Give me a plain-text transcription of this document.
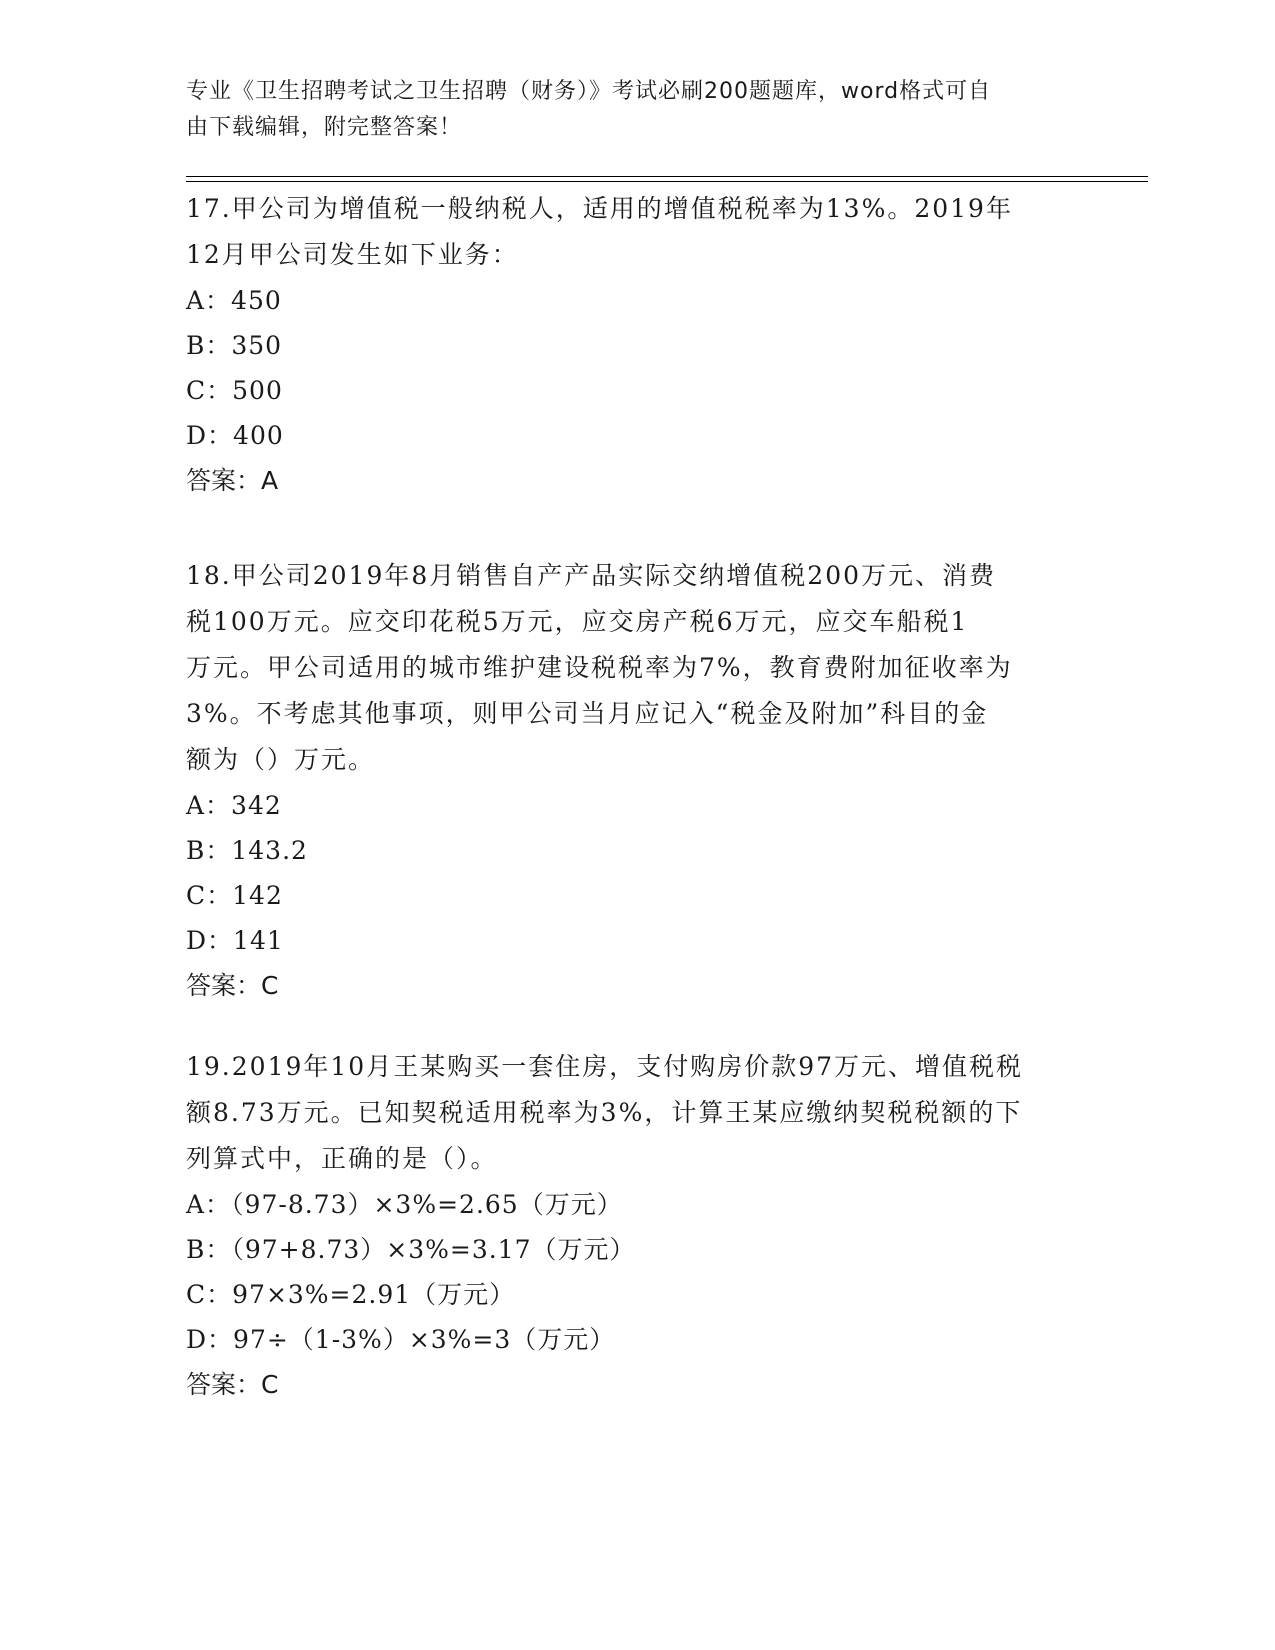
专业《卫生招聘考试之卫生招聘（财务）》考试必刷200题题库，word格式可自
由下载编辑，附完整答案！

17.甲公司为增值税一般纳税人，适用的增值税税率为13%。2019年

12月甲公司发生如下业务：

A：450

B：350

C：500

D：400

答案：A

18.甲公司2019年8月销售自产产品实际交纳增值税200万元、消费

税100万元。应交印花税5万元，应交房产税6万元，应交车船税1

万元。甲公司适用的城市维护建设税税率为7%，教育费附加征收率为

3%。不考虑其他事项，则甲公司当月应记入“税金及附加”科目的金

额为（）万元。

A：342

B：143.2

C：142

D：141

答案：C

19.2019年10月王某购买一套住房，支付购房价款97万元、增值税税

额8.73万元。已知契税适用税率为3%，计算王某应缴纳契税税额的下

列算式中，正确的是（）。

A：（97-8.73）×3%=2.65（万元）

B：（97+8.73）×3%=3.17（万元）

C：97×3%=2.91（万元）

D：97÷（1-3%）×3%=3（万元）

答案：C
